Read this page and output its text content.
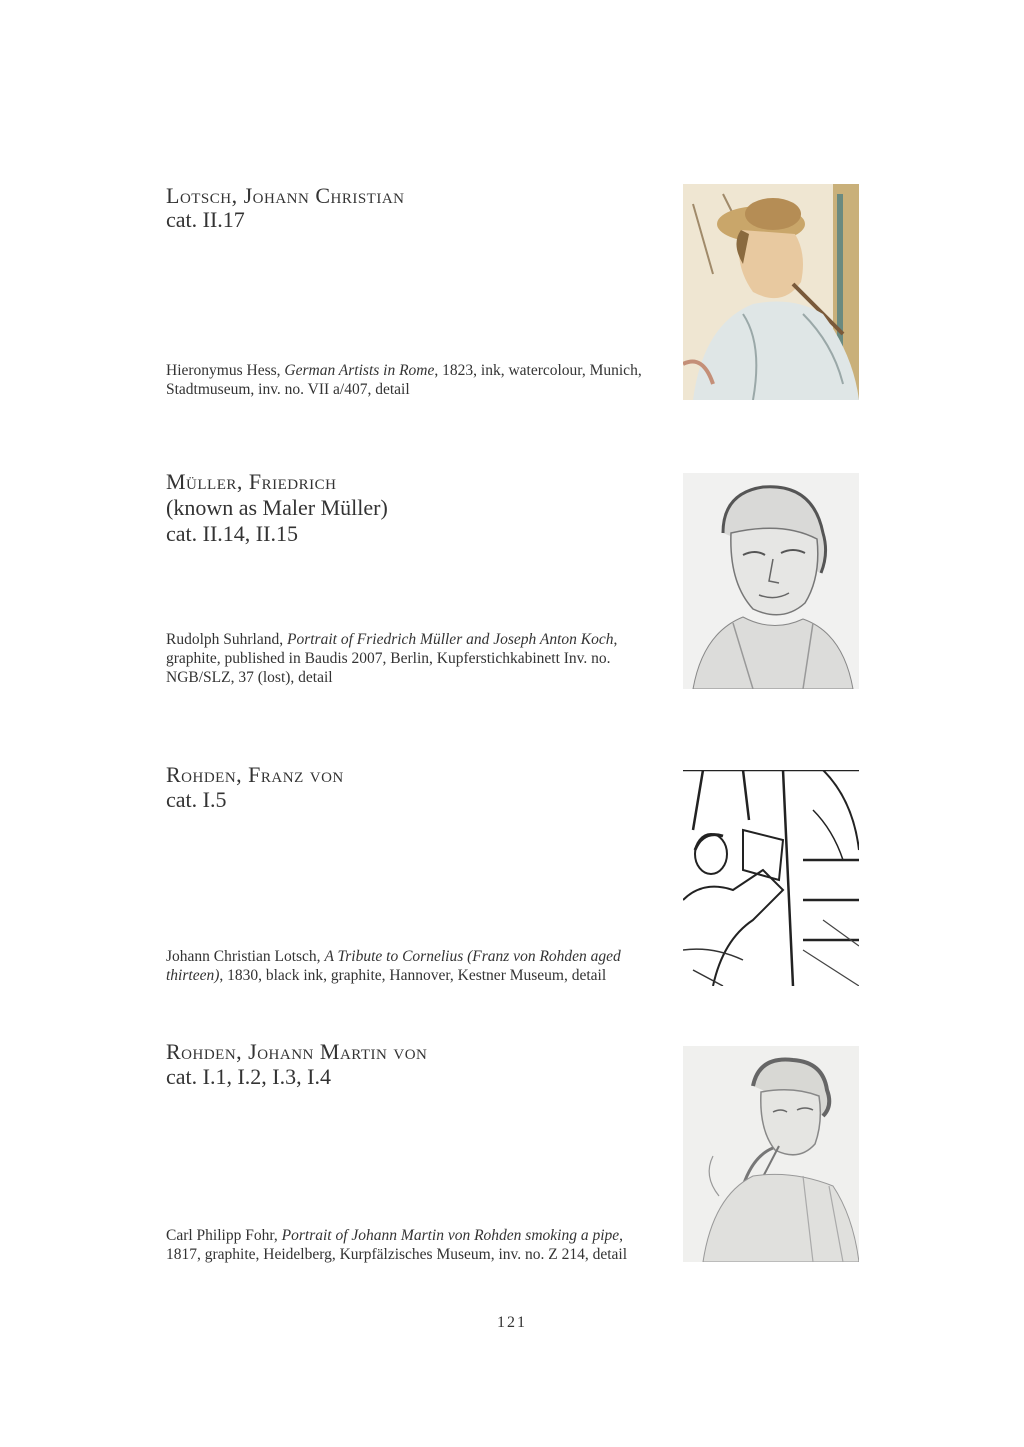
Lotsch, Johann Christian
cat. II.17
Hieronymus Hess, German Artists in Rome, 1823, ink, watercolour, Munich, Stadtmuseum, inv. no. VII a/407, detail
Müller, Friedrich
(known as Maler Müller)
cat. II.14, II.15
Rudolph Suhrland, Portrait of Friedrich Müller and Joseph Anton Koch, graphite, published in Baudis 2007, Berlin, Kupferstichkabinett Inv. no. NGB/SLZ, 37 (lost), detail
Rohden, Franz von
cat. I.5
Johann Christian Lotsch, A Tribute to Cornelius (Franz von Rohden aged thirteen), 1830, black ink, graphite, Hannover, Kestner Museum, detail
Rohden, Johann Martin von
cat. I.1, I.2, I.3, I.4
Carl Philipp Fohr, Portrait of Johann Martin von Rohden smoking a pipe, 1817, graphite, Heidelberg, Kurpfälzisches Museum, inv. no. Z 214, detail
121
